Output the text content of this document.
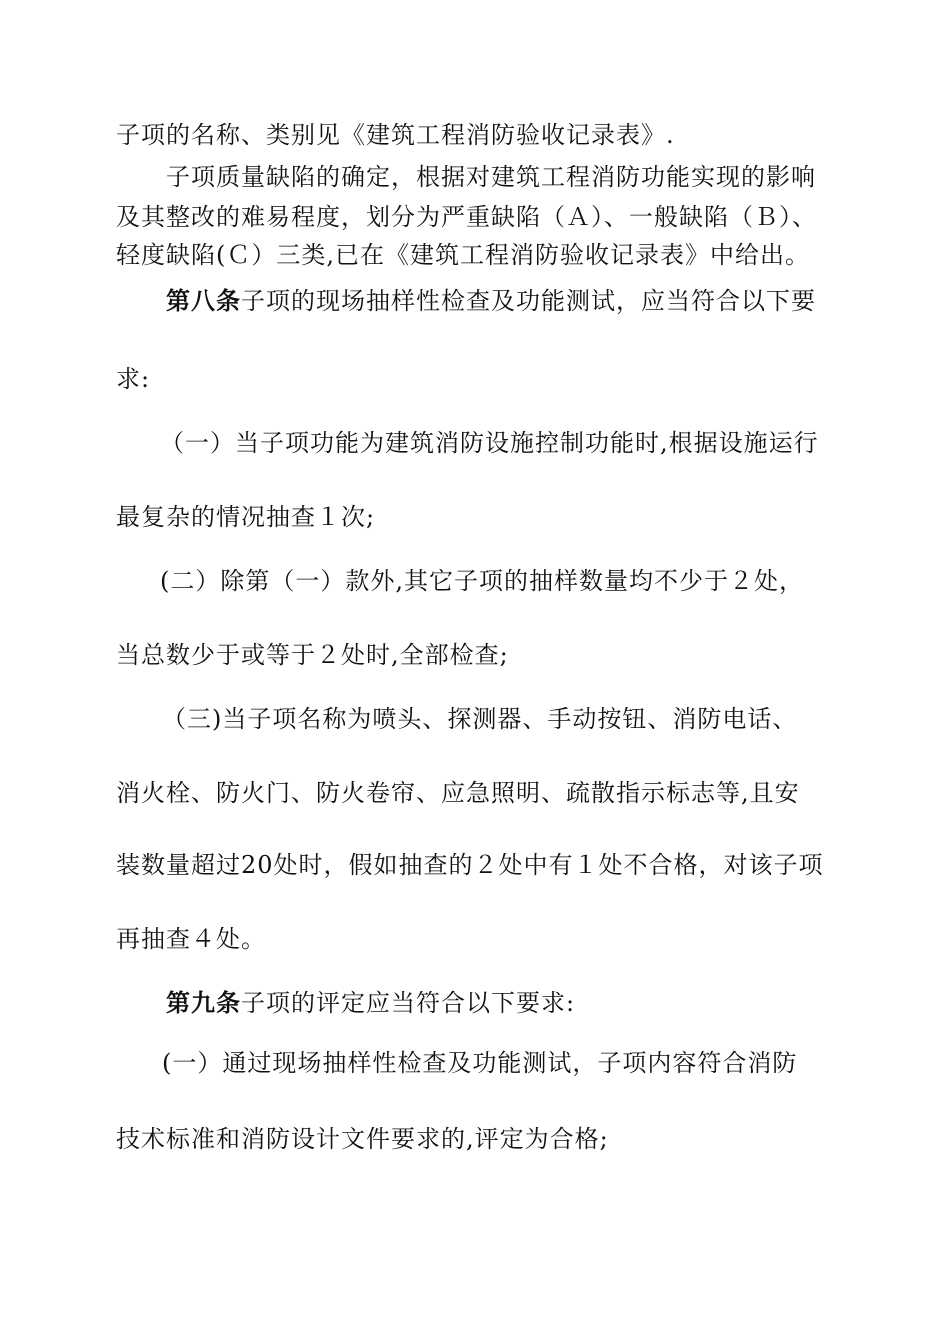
子项的名称、类别见《建筑工程消防验收记录表》.
子项质量缺陷的确定，根据对建筑工程消防功能实现的影响
及其整改的难易程度，划分为严重缺陷（Ａ）、一般缺陷（Ｂ）、
轻度缺陷(Ｃ）三类,已在《建筑工程消防验收记录表》中给出。
第八条子项的现场抽样性检查及功能测试，应当符合以下要
求:
（一）当子项功能为建筑消防设施控制功能时,根据设施运行
最复杂的情况抽查１次;
(二）除第（一）款外,其它子项的抽样数量均不少于２处，
当总数少于或等于２处时,全部检查;
（三)当子项名称为喷头、探测器、手动按钮、消防电话、
消火栓、防火门、防火卷帘、应急照明、疏散指示标志等,且安
装数量超过20处时，假如抽查的２处中有１处不合格，对该子项
再抽查４处。
第九条子项的评定应当符合以下要求:
(一）通过现场抽样性检查及功能测试，子项内容符合消防
技术标准和消防设计文件要求的,评定为合格;
